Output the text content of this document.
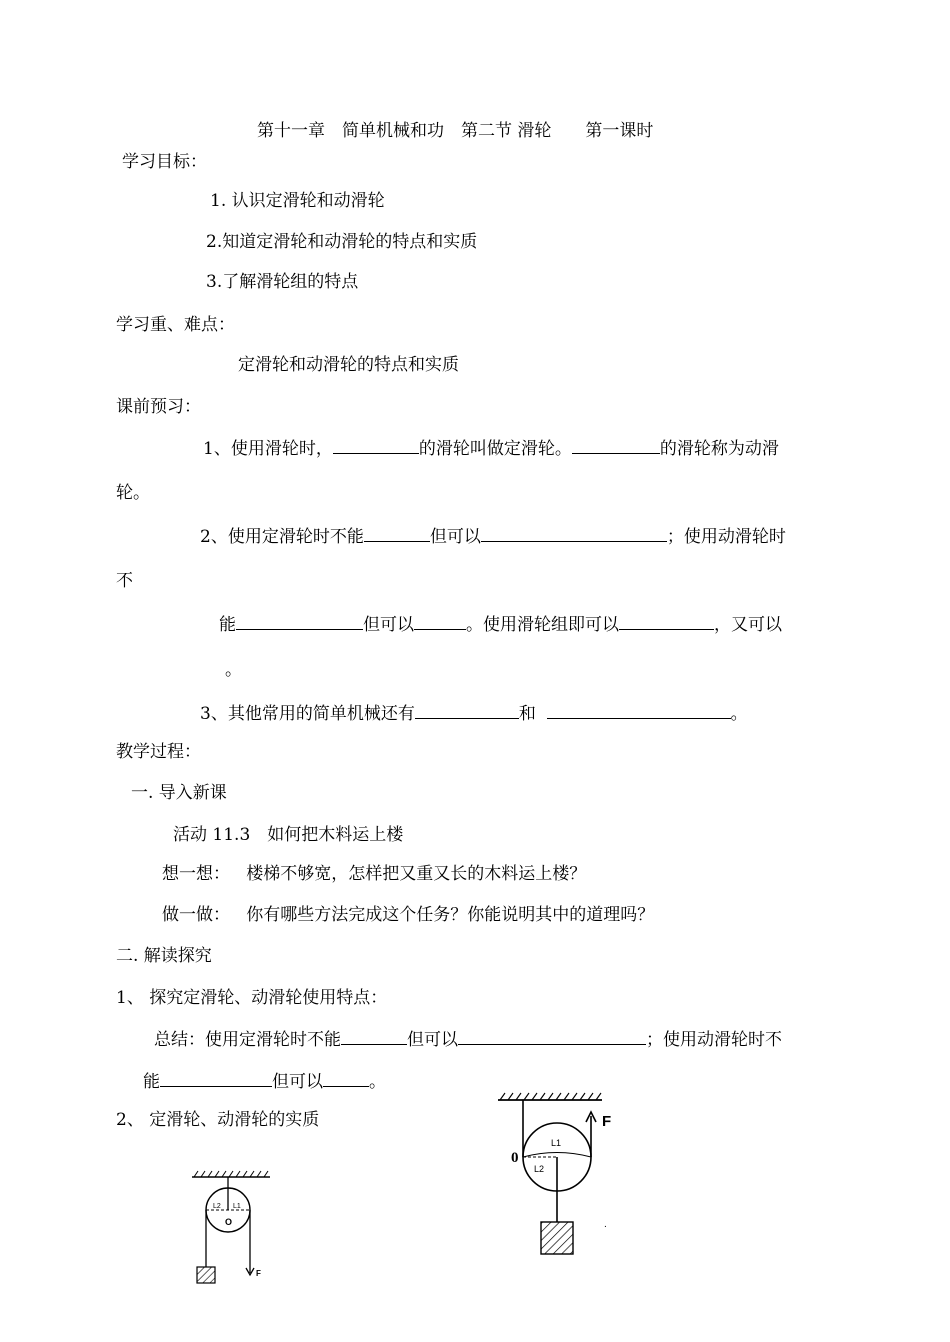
第十一章　简单机械和功　第二节 滑轮　　第一课时
学习目标：
1. 认识定滑轮和动滑轮
2.知道定滑轮和动滑轮的特点和实质
3.了解滑轮组的特点
学习重、难点：
定滑轮和动滑轮的特点和实质
课前预习：
1、使用滑轮时，	的滑轮叫做定滑轮。	的滑轮称为动滑
轮。
2、使用定滑轮时不能	但可以	；使用动滑轮时
不
能	但可以	。使用滑轮组即可以	，又可以
。
3、其他常用的简单机械还有	和	。
教学过程：
一. 导入新课
活动 11.3　如何把木料运上楼
想一想： 楼梯不够宽，怎样把又重又长的木料运上楼？
做一做： 你有哪些方法完成这个任务？你能说明其中的道理吗？
二. 解读探究
1、 探究定滑轮、动滑轮使用特点：
总结：使用定滑轮时不能	但可以	；使用动滑轮时不
能	但可以	。
2、 定滑轮、动滑轮的实质
L2 L1
O
F
0
L1
L2
F
.
